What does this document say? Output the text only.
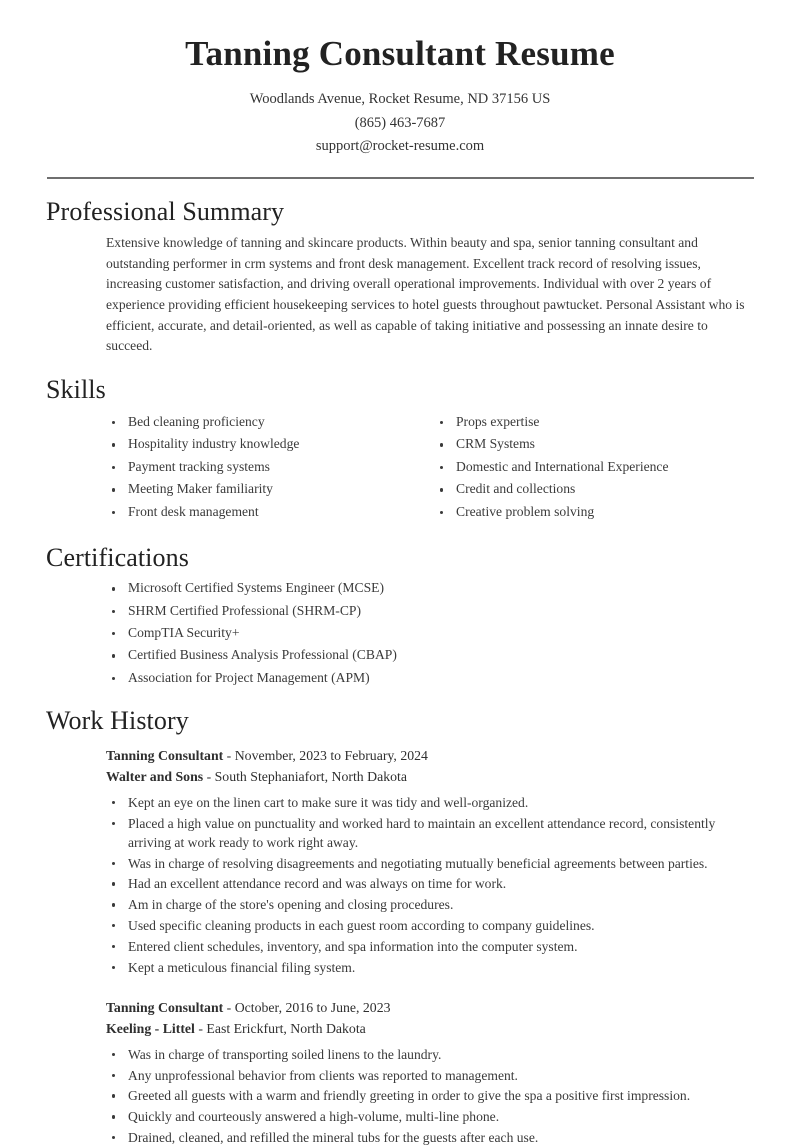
Tanning Consultant Resume
Woodlands Avenue, Rocket Resume, ND 37156 US
(865) 463-7687
support@rocket-resume.com
Professional Summary

Extensive knowledge of tanning and skincare products. Within beauty and spa, senior tanning consultant and outstanding performer in crm systems and front desk management. Excellent track record of resolving issues, increasing customer satisfaction, and driving overall operational improvements. Individual with over 2 years of experience providing efficient housekeeping services to hotel guests throughout pawtucket. Personal Assistant who is efficient, accurate, and detail-oriented, as well as capable of taking initiative and possessing an innate desire to succeed.

Skills
Bed cleaning proficiency
Hospitality industry knowledge
Payment tracking systems
Meeting Maker familiarity
Front desk management
Props expertise
CRM Systems
Domestic and International Experience
Credit and collections
Creative problem solving
Certifications
Microsoft Certified Systems Engineer (MCSE)
SHRM Certified Professional (SHRM-CP)
CompTIA Security+
Certified Business Analysis Professional (CBAP)
Association for Project Management (APM)
Work History
Tanning Consultant - November, 2023 to February, 2024
Walter and Sons - South Stephaniafort, North Dakota
Kept an eye on the linen cart to make sure it was tidy and well-organized.
Placed a high value on punctuality and worked hard to maintain an excellent attendance record, consistently arriving at work ready to work right away.
Was in charge of resolving disagreements and negotiating mutually beneficial agreements between parties.
Had an excellent attendance record and was always on time for work.
Am in charge of the store's opening and closing procedures.
Used specific cleaning products in each guest room according to company guidelines.
Entered client schedules, inventory, and spa information into the computer system.
Kept a meticulous financial filing system.
Tanning Consultant - October, 2016 to June, 2023
Keeling - Littel - East Erickfurt, North Dakota
Was in charge of transporting soiled linens to the laundry.
Any unprofessional behavior from clients was reported to management.
Greeted all guests with a warm and friendly greeting in order to give the spa a positive first impression.
Quickly and courteously answered a high-volume, multi-line phone.
Drained, cleaned, and refilled the mineral tubs for the guests after each use.
